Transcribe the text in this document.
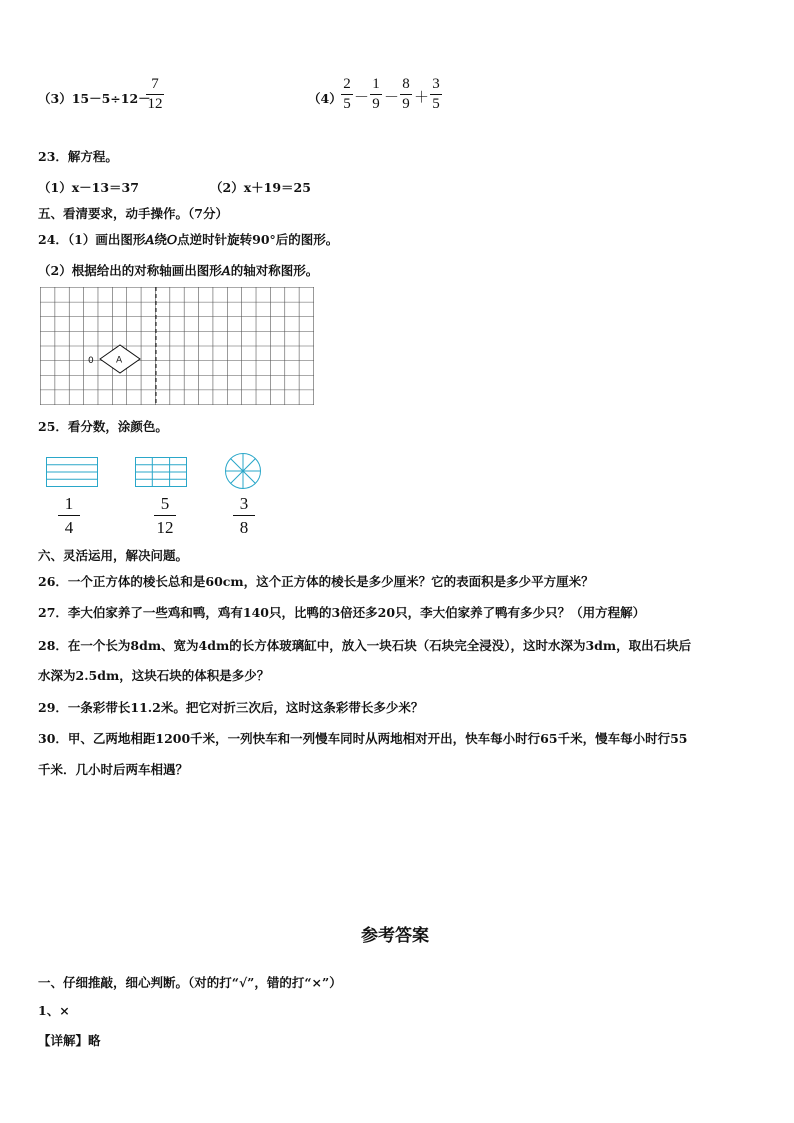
（3）15－5÷12－
7
12	（4）
2
5 －
1
9 －
8
9 ＋
3
5
23．解方程。
（1）x－13＝37	（2）x＋19＝25
五、看清要求，动手操作。（7分）
24．（1）画出图形𝐴绕𝑂点逆时针旋转90°后的图形。
（2）根据给出的对称轴画出图形𝐴的轴对称图形。
0 A
25．看分数，涂颜色。
1
4
5
12
3
8
六、灵活运用，解决问题。
26．一个正方体的棱长总和是60cm，这个正方体的棱长是多少厘米？它的表面积是多少平方厘米？
27．李大伯家养了一些鸡和鸭，鸡有140只，比鸭的3倍还多20只，李大伯家养了鸭有多少只？（用方程解）
28．在一个长为8dm、宽为4dm的长方体玻璃缸中，放入一块石块（石块完全浸没），这时水深为3dm，取出石块后
水深为2.5dm，这块石块的体积是多少？
29．一条彩带长11.2米。把它对折三次后，这时这条彩带长多少米？
30．甲、乙两地相距1200千米，一列快车和一列慢车同时从两地相对开出，快车每小时行65千米，慢车每小时行55
千米．几小时后两车相遇？
参考答案
一、仔细推敲，细心判断。（对的打“√”，错的打“×”）
1、×
【详解】略
